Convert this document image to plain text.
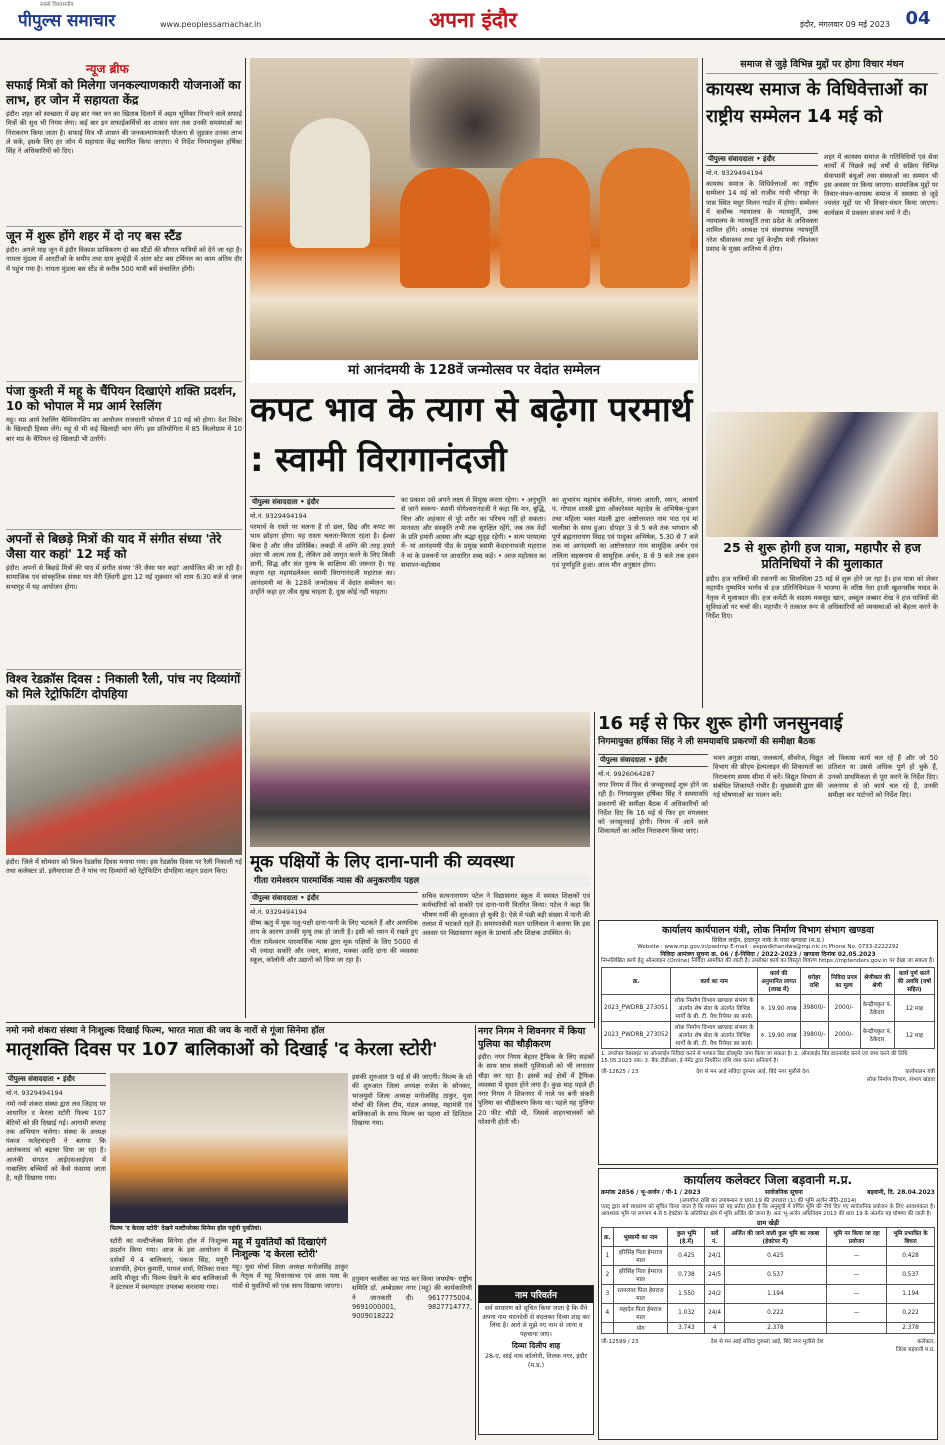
पीपुल्स समाचार
सबसे विश्वसनीय
www.peoplessamachar.in	अपना इंदौर	इंदौर, मंगलवार 09 मई 2023 04
न्यूज ब्रीफ
सफाई मित्रों को मिलेगा जनकल्याणकारी योजनाओं का लाभ, हर जोन में सहायता केंद्र
इंदौर। शहर को स्वच्छता में छह बार नंबर वन का खिताब दिलाने में अहम भूमिका निभाने वाले सफाई मित्रों की सुध भी निगम लेगा। कई बार इन सफाईकर्मियों का शासन स्तर तक उनकी समस्याओं का निराकरण किया जाता है। सफाई मित्र भी शासन की जनकल्याणकारी योजना से जुड़कर उनका लाभ ले सकें, इसके लिए हर जोन में सहायता केंद्र स्थापित किया जाएगा। ये निर्देश निगमायुक्त हर्षिका सिंह ने अधिकारियों को दिए।
जून में शुरू होंगे शहर में दो नए बस स्टैंड
इंदौर। अगले माह जून में इंदौर विकास प्राधिकरण दो बस स्टैंडों की सौगात यात्रियों को देने जा रहा है। नायता मुंडला में आरटीओ के समीप तथा ग्राम कुम्हेड़ी में अंतर स्टेट बस टर्मिनल का काम अंतिम दौर में पहुंच गया है। नायता मुंडला बस स्टैंड से करीब 500 यात्री बसें संचालित होंगी।
पंजा कुश्ती में महू के चैंपियन दिखाएंगे शक्ति प्रदर्शन, 10 को भोपाल में मप्र आर्म रेसलिंग
महू। मप्र आर्म रेसलिंग चैम्पियनशिप का आयोजन राजधानी भोपाल में 10 मई को होगा। देश विदेश के खिलाड़ी हिस्सा लेंगे। महू से भी कई खिलाड़ी भाग लेंगे। इस प्रतियोगिता में 85 किलोग्राम में 10 बार मप्र के चैंपियन रहे खिलाड़ी भी उतरेंगे।
अपनों से बिछड़े मित्रों की याद में संगीत संध्या 'तेरे जैसा यार कहां' 12 मई को
इंदौर। अपनों से बिछड़े मित्रों की याद में संगीत संध्या 'तेरे जैसा यार कहां' आयोजित की जा रही है। सामाजिक एवं सांस्कृतिक संस्था यार मेरी ज़िंदगी द्वारा 12 मई शुक्रवार को शाम 6:30 बजे से जाल सभागृह में यह आयोजन होगा।
विश्व रेडक्रॉस दिवस : निकाली रैली, पांच नए दिव्यांगों को मिले रेट्रोफिटिंग दोपहिया
इंदौर। जिले में सोमवार को विश्व रेडक्रॉस दिवस मनाया गया। इस रेडक्रॉस दिवस पर रैली निकाली गई तथा कलेक्टर डॉ. इलैयाराजा टी ने पांच नए दिव्यांगों को रेट्रोफिटिंग दोपहिया वाहन प्रदान किए।
मां आनंदमयी के 128वें जन्मोत्सव पर वेदांत सम्मेलन
कपट भाव के त्याग से बढ़ेगा परमार्थ : स्वामी विरागानंदजी
पीपुल्स संवाददाता • इंदौर
मो.नं. 9329494194
परमार्थ के रास्ते पर चलना है तो छल, छिद्र और कपट का भाव छोड़ना होगा। यह रास्ता चलता-फिरता रहता है। ईश्वर बिना है और जीव प्रतिबिंब। लकड़ी में अग्नि की तरह हमारे अंदर भी आत्म तत्व है, लेकिन उसे जागृत करने के लिए किसी ज्ञानी, सिद्ध और संत पुरुष के साक्षिध्य की जरूरत है। यह कहना रहा महामंडलेश्वर स्वामी विरागानंदजी महाराज का। आनंदमयी मां के 128वें जन्मोत्सव में वेदांत सम्मेलन था। उन्होंने कहा हर जीव सुख चाहता है, दुख कोई नहीं चाहता।
का प्रकाश उसे अपने लक्ष्य से विमुख करता रहेगा। • अनुभूति से जाने स्वरूप- स्वामी योगेश्वरानंदजी ने कहा कि मन, बुद्धि, चित्त और अहंकार से पूरे शरीर का परिचय नहीं हो सकता। मानवता और संस्कृति तभी तक सुरक्षित रहेंगे, जब तक वेदों के प्रति हमारी आस्था और श्रद्धा सुदृढ़ रहेगी। • सत्य परमात्मा में- मां आनंदमयी पीठ के प्रमुख स्वामी केदारनाथजी महाराज ने मां के प्रवचनों पर आधारित शब्द कहे। • आज महोत्सव का समापन-महोत्सव
का शुभारंभ महामंत्र संकीर्तन, मंगला आरती, ध्यान, आचार्य पं. गोपाल शास्त्री द्वारा ओंकारेश्वर महादेव के अभिषेक-पूजन तथा महिला भक्त मंडली द्वारा अष्टोत्तरशत नाम पाठ एवं मां चालीसा के साथ हुआ। दोपहर 3 से 5 बजे तक भगवान श्री पूर्ण ब्रह्मनारायण विग्रह एवं पादुका अभिषेक, 5.30 से 7 बजे तक मां आनंदमयी का अष्टोत्तरशत नाम सामूहिक अर्चन एवं ललिता सहस्रनाम से सामूहिक अर्चन, 8 से 9 बजे तक हवन एवं पूर्णाहुति हुआ। आज मौन अनुष्ठान होगा।
समाज से जुड़े विभिन्न मुद्दों पर होगा विचार मंथन
कायस्थ समाज के विधिवेत्ताओं का राष्ट्रीय सम्मेलन 14 मई को
पीपुल्स संवाददाता • इंदौर
मो.नं. 9329494194
कायस्थ समाज के विधिवेत्ताओं का राष्ट्रीय सम्मेलन 14 मई को राजीव गांधी चौराहा के पास स्थित मधुर मिलन गार्डन में होगा। सम्मेलन में सर्वोच्च न्यायालय के न्यायमूर्ति, उच्च न्यायालय के न्यायमूर्ति तथा प्रदेश के अधिवक्ता शामिल होंगे। अध्यक्ष एवं संस्थापक न्यायमूर्ति नरेश श्रीवास्तव तथा पूर्व केन्द्रीय मंत्री रविशंकर प्रसाद के मुख्य आतिथ्य में होगा।
शहर में कायस्थ समाज के गतिविधियों एवं सेवा कार्यों में पिछले कई वर्षों से सक्रिय विभिन्न सेवाभावी बंधुओं तथा संस्थाओं का सम्मान भी इस अवसर पर किया जाएगा। सामाजिक मुद्दों पर विचार-मंथन-कायस्थ समाज में समस्या से जुड़े ज्वलंत मुद्दों पर भी विचार-मंथन किया जाएगा। कार्यक्रम में प्रवक्ता संजय वर्मा ने दी।
25 से शुरू होगी हज यात्रा, महापौर से हज प्रतिनिधियों ने की मुलाकात
इंदौर। हज यात्रियों की रवानगी का सिलसिला 25 मई से शुरू होने जा रहा है। हज यात्रा को लेकर महापौर पुष्यमित्र भार्गव से हज प्रतिनिधिमंडल ने भाजपा के वरिष्ठ नेता हाजी खुशनसीब यादव के नेतृत्व में मुलाकात की। हज कमेटी के सदस्य मकसूद खान, अब्दुल जब्बार शेख ने हज यात्रियों की सुविधाओं पर चर्चा की। महापौर ने तत्काल रूप से अधिकारियों को व्यवस्थाओं को बेहतर करने के निर्देश दिए।
16 मई से फिर शुरू होगी जनसुनवाई
निगमायुक्त हर्षिका सिंह ने ली समयावधि प्रकरणों की समीक्षा बैठक
पीपुल्स संवाददाता • इंदौर
मो.नं. 9926064287
नगर निगम में फिर से जनसुनवाई शुरू होने जा रही है। निगमायुक्त हर्षिका सिंह ने समयावधि प्रकरणों की समीक्षा बैठक में अधिकारियों को निर्देश दिए कि 16 मई से फिर हर मंगलवार को जनसुनवाई होगी। निगम में आने वाले शिकायतों का त्वरित निराकरण किया जाए।
भवन अनुज्ञा शाखा, जलकार्य, सीवरेज, विद्युत विभाग की सीएम हेल्पलाइन की शिकायतों का निराकरण समय सीमा में करें। विद्युत विभाग से संबंधित शिकायतें गंभीर हैं। मुख्यमंत्री द्वारा की गई घोषणाओं का पालन करें।
जो विकास कार्य चल रहे हैं और जो 50 प्रतिशत या उससे अधिक पूर्ण हो चुके हैं, उनको प्राथमिकता से पूरा करने के निर्देश दिए। जलनगम से जो कार्य चल रहे हैं, उनकी समीक्षा कर पार्टनरों को निर्देश दिए।
मूक पक्षियों के लिए दाना-पानी की व्यवस्था
गीता रामेश्वरम पारमार्थिक न्यास की अनुकरणीय पहल
पीपुल्स संवाददाता • इंदौर
मो.नं. 9329494194
ग्रीष्म ऋतु में मूक पशु-पक्षी दाना-पानी के लिए भटकते हैं और अत्यधिक ताप के कारण उनकी मृत्यु तक हो जाती है। इसी को ध्यान में रखते हुए गीता रामेश्वरम पारमार्थिक न्यास द्वारा मूक पक्षियों के लिए 5000 से भी ज्यादा सकोरे और ज्वार, बाजरा, मक्का आदि दाना की व्यवस्था स्कूल, कॉलोनी और उद्यानों को दिया जा रहा है।
सचिव सत्यनारायण पटेल ने विद्यासागर स्कूल में समस्त शिक्षकों एवं कर्मचारियों को सकोरे एवं दाना-पानी वितरित किया। पटेल ने कहा कि भीषण गर्मी की शुरुआत हो चुकी है। ऐसे में पंछी बड़ी संख्या में पानी की तलाश में भटकते रहते हैं। समापनसेवी मदन पालिवाल ने बताया कि इस अवसर पर विद्यासागर स्कूल के प्राचार्य और शिक्षक उपस्थित थे।	कार्यालय कार्यपालन यंत्री, लोक निर्माण विभाग संभाग खण्डवा
सिविल लाईन, इंदलपुर नाके के पास खण्डवा (म.प्र.)
Website : www.mp.gov.in/pwdmp E-mail : eepwdkhandwa@mp.nic.in Phone No. 0733-2222292
निविदा आमंत्रण सूचना क्र. 06 / ई-निविदा / 2022-2023 / खण्डवा दिनांक 02.05.2023
निम्नलिखित कार्य हेतु ऑनलाइन (Online) निविदा आमंत्रित की जाती है। उपरोक्त कार्य का विस्तृत विवरण https://mptenders.gov.in पर देखा जा सकता है।
क्र.	कार्य का नाम	कार्य की अनुमानित लागत (लाख में)	धरोहर राशि	निविदा प्रपत्र का मूल्य	श्रेणीकार की श्रेणी	कार्य पूर्ण करने की अवधि (वर्षा सहित)
2023_PWDRB_273051	लोक निर्माण विभाग खण्डवा संभाग के अंतर्गत शेष सेवा के अंतर्गत विभिन्न मार्गों के बी. टी. पैच रिपेयर का कार्य।	रु. 19.90 लाख	39800/-	2000/-	केन्द्रीयकृत पं. ठेकेदार	12 माह
2023_PWDRB_273052	लोक निर्माण विभाग खण्डवा संभाग के अंतर्गत शेष सेवा के अंतर्गत विभिन्न मार्गों के बी. टी. पैच रिपेयर का कार्य।	रु. 19.90 लाख	39800/-	2000/-	केन्द्रीयकृत पं. ठेकेदार	12 माह
1. उपरोक्त वेबसाइट पर ऑनलाईन निविदा करने से पश्चात बिड डॉक्यूमेंट जमा किया जा सकता है। 2. ऑनलाईन बिड डाउनलोड करने एवं जमा करने की तिथि 15.05.2023 तक। 3. बैंक टीडीआर, ई-पेमेंट द्वारा निर्धारित राशि जमा करना अनिवार्य है।
जी-12625 / 23	देश से मन आई संविदा दुरुस्ता आई, बिंदे नगर मुलीसे देश	कार्यपालन यंत्री
लोक निर्माण विभाग, संभाग खंडवा
नमो नमो शंकरा संस्था ने निःशुल्क दिखाई फिल्म, भारत माता की जय के नारों से गूंजा सिनेमा हॉल
मातृशक्ति दिवस पर 107 बालिकाओं को दिखाई 'द केरला स्टोरी'
पीपुल्स संवाददाता • इंदौर
मो.नं. 9329494194
नमो नमो शंकरा संस्था द्वारा लव जिहाद पर आधारित द केरला स्टोरी फिल्म 107 बेटियों को फ्री दिखाई गई। आगामी सप्ताह तक अभियान चलेगा। संस्था के अध्यक्ष पंकज फतेहचंदानी ने बताया कि आतंकवाद को बढ़ावा दिया जा रहा है। आतंकी संगठन आईएसआईएस में नाबालिग बच्चियों को कैसे फंसाया जाता है, यही दिखाया गया।
फिल्म 'द केरला स्टोरी' देखने मल्टीप्लेक्स सिनेमा हॉल पहुंची युवतियां।
स्टोरी का मल्टीप्लेक्स सिनेमा हॉल में निःशुल्क प्रदर्शन किया गया। आज के इस आयोजन में दर्शकों में 4 बालिकाएं, पंकज सिंह, मयूरी प्रजापति, हेमंत कुमारी, पायल शर्मा, रितिका रावत आदि मौजूद थीं। फिल्म देखने के बाद बालिकाओं ने इंटरवल में स्वल्पाहार उपलब्ध करवाया गया।
महू में युवतियों को दिखाएंगे निःशुल्क 'द केरला स्टोरी'
महू। युवा मोर्चा जिला अध्यक्ष मनोजसिंह ठाकुर के नेतृत्व में महू विधानसभा एवं आस पास के गांवों से युवतियों को एक साथ दिखाया जाएगा।
इसकी शुरुआत 9 मई से की जाएगी। फिल्म के शो की शुरुआत जिला अध्यक्ष राजेश के सोनकर, भाजयुमो जिला अध्यक्ष मनोजसिंह ठाकुर, युवा मोर्चा की जिला टीम, मंडल अध्यक्ष, महामंत्री एवं बालिकाओं के साथ फिल्म का पहला शो डिजिटल दिखाया गया।
हनुमान चालीसा का पाठ कर किया जयघोष- राष्ट्रीय समिति डॉ. अम्बेडकर नगर (महू) की कार्यकारिणी ने जानकारी दी। 9617775004, 9691000001, 9827714777, 9009018222
नगर निगम ने शिवनगर में किया पुलिया का चौड़ीकरण
इंदौर। नगर निगम बेहतर ट्रैफिक के लिए सड़कों के साथ साथ संकरी पुलियाओं को भी लगातार चौड़ा कर रहा है। इससे कई क्षेत्रों में ट्रैफिक व्यवस्था में सुधार होने लगा है। कुछ माह पहले ही नगर निगम ने शिवनगर में नाले पर बनी संकरी पुलिया का चौड़ीकरण किया था। पहले यह पुलिया 20 फीट चौड़ी थी, जिससे वाहनचालकों को परेशानी होती थी।
नाम परिवर्तन
सर्व साधारण को सूचित किया जाता है कि मैंने अपना नाम चंदनदेवी से बदलकर दिव्या शाह कर लिया है। आगे से मुझे नए नाम से जाना व पहचाना जाए।
दिव्या दिलीप शाह
28-ए, सांई नाथ कॉलोनी, तिलक नगर, इंदौर (म.प्र.)
कार्यालय कलेक्टर जिला बड़वानी म.प्र.
क्रमांक 2856 / भू-अर्जन / पी-1 / 2023	सार्वजनिक सूचना	बड़वानी, दि. 28.04.2023
(अपर्याप्त राशि का उपाबन्धन व धारा 19 की उपधारा (1) की भूमि अर्जन नीति-2014)
एतद् द्वारा सर्व साधारण को सूचित किया जाता है कि शासन को यह प्रतीत होता है कि अनुसूची में वर्णित भूमि की नीचे दिए गए सार्वजनिक प्रयोजन के लिए आवश्यकता है। आवश्यक भूमि पर लगभग 4 से 5 हेक्टेयर के अतिरिक्त क्षेत्र में भूमि अर्जित की जाना है। अतः भू-अर्जन अधिनियम 2013 की धारा 19 के अंतर्गत यह घोषणा की जाती है।
ग्राम खेड़ी
क्र.	भूस्वामी का नाम	कुल भूमि (हे.में)	सर्वे नं.	अर्जित की जाने वाली कुल भूमि का रकबा (हेक्टेयर में)	भूमि पर किया जा रहा प्रयोजन	भूमि प्रभावित के बिचरा
1	हरिसिंह पिता हेमराज माल	0.425	24/1	0.425	—	0.428
2	हरिसिंह पिता हेमराज माल	0.738	24/5	0.537	—	0.537
3	रतनलाल पिता हेमराज माल	1.550	24/2	1.194	—	1.194
4	महादेव पिता हेमराज माल	1.032	24/4	0.222	—	0.222
	योग	3.743	4	2.378		2.378
जी-12599 / 23	देश से मन आई संविदा दुरुस्ता आई, बिंदे नगर मुलीसे देश	कलेक्टर,
जिला बड़वानी म.प्र.
